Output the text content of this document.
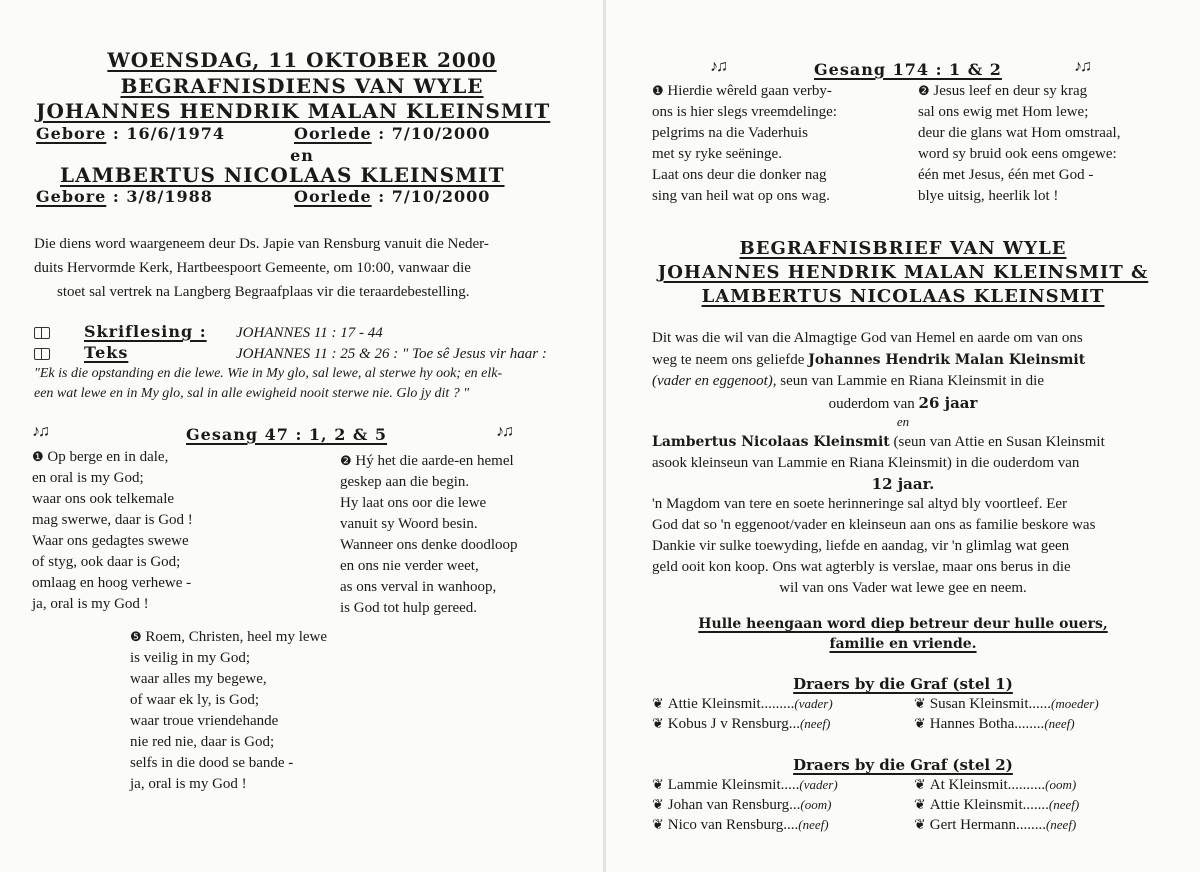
WOENSDAG, 11 OKTOBER 2000
BEGRAFNISDIENS VAN WYLE
JOHANNES HENDRIK MALAN KLEINSMIT
Gebore : 16/6/1974	Oorlede : 7/10/2000
en
LAMBERTUS NICOLAAS KLEINSMIT
Gebore : 3/8/1988	Oorlede : 7/10/2000
Die diens word waargeneem deur Ds. Japie van Rensburg vanuit die Neder-
duits Hervormde Kerk, Hartbeespoort Gemeente, om 10:00, vanwaar die
stoet sal vertrek na Langberg Begraafplaas vir die teraardebestelling.
Skriflesing : JOHANNES 11 : 17 - 44
Teks	JOHANNES 11 : 25 & 26 : " Toe sê Jesus vir haar :
"Ek is die opstanding en die lewe. Wie in My glo, sal lewe, al sterwe hy ook; en elk-
een wat lewe en in My glo, sal in alle ewigheid nooit sterwe nie. Glo jy dit ? "
♪♫	Gesang 47 : 1, 2 & 5	♪♫
❶ Op berge en in dale,
en oral is my God;
waar ons ook telkemale
mag swerwe, daar is God !
Waar ons gedagtes swewe
of styg, ook daar is God;
omlaag en hoog verhewe -
ja, oral is my God !
❷ Hý het die aarde-en hemel
geskep aan die begin.
Hy laat ons oor die lewe
vanuit sy Woord besin.
Wanneer ons denke doodloop
en ons nie verder weet,
as ons verval in wanhoop,
is God tot hulp gereed.
❺ Roem, Christen, heel my lewe
is veilig in my God;
waar alles my begewe,
of waar ek ly, is God;
waar troue vriendehande
nie red nie, daar is God;
selfs in die dood se bande -
ja, oral is my God !
♪♫	Gesang 174 : 1 & 2	♪♫
❶ Hierdie wêreld gaan verby-
ons is hier slegs vreemdelinge:
pelgrims na die Vaderhuis
met sy ryke seëninge.
Laat ons deur die donker nag
sing van heil wat op ons wag.
❷ Jesus leef en deur sy krag
sal ons ewig met Hom lewe;
deur die glans wat Hom omstraal,
word sy bruid ook eens omgewe:
één met Jesus, één met God -
blye uitsig, heerlik lot !
BEGRAFNISBRIEF VAN WYLE
JOHANNES HENDRIK MALAN KLEINSMIT &
LAMBERTUS NICOLAAS KLEINSMIT
Dit was die wil van die Almagtige God van Hemel en aarde om van ons
weg te neem ons geliefde Johannes Hendrik Malan Kleinsmit
(vader en eggenoot), seun van Lammie en Riana Kleinsmit in die
ouderdom van 26 jaar
en
Lambertus Nicolaas Kleinsmit (seun van Attie en Susan Kleinsmit
asook kleinseun van Lammie en Riana Kleinsmit) in die ouderdom van
12 jaar.
'n Magdom van tere en soete herinneringe sal altyd bly voortleef. Eer
God dat so 'n eggenoot/vader en kleinseun aan ons as familie beskore was
Dankie vir sulke toewyding, liefde en aandag, vir 'n glimlag wat geen
geld ooit kon koop. Ons wat agterbly is verslae, maar ons berus in die
wil van ons Vader wat lewe gee en neem.
Hulle heengaan word diep betreur deur hulle ouers,
familie en vriende.
Draers by die Graf (stel 1)
❦ Attie Kleinsmit.........(vader)	❦ Susan Kleinsmit......(moeder)
❦ Kobus J v Rensburg...(neef)	❦ Hannes Botha........(neef)
Draers by die Graf (stel 2)
❦ Lammie Kleinsmit.....(vader)	❦ At Kleinsmit..........(oom)
❦ Johan van Rensburg...(oom)	❦ Attie Kleinsmit.......(neef)
❦ Nico van Rensburg....(neef)	❦ Gert Hermann........(neef)
